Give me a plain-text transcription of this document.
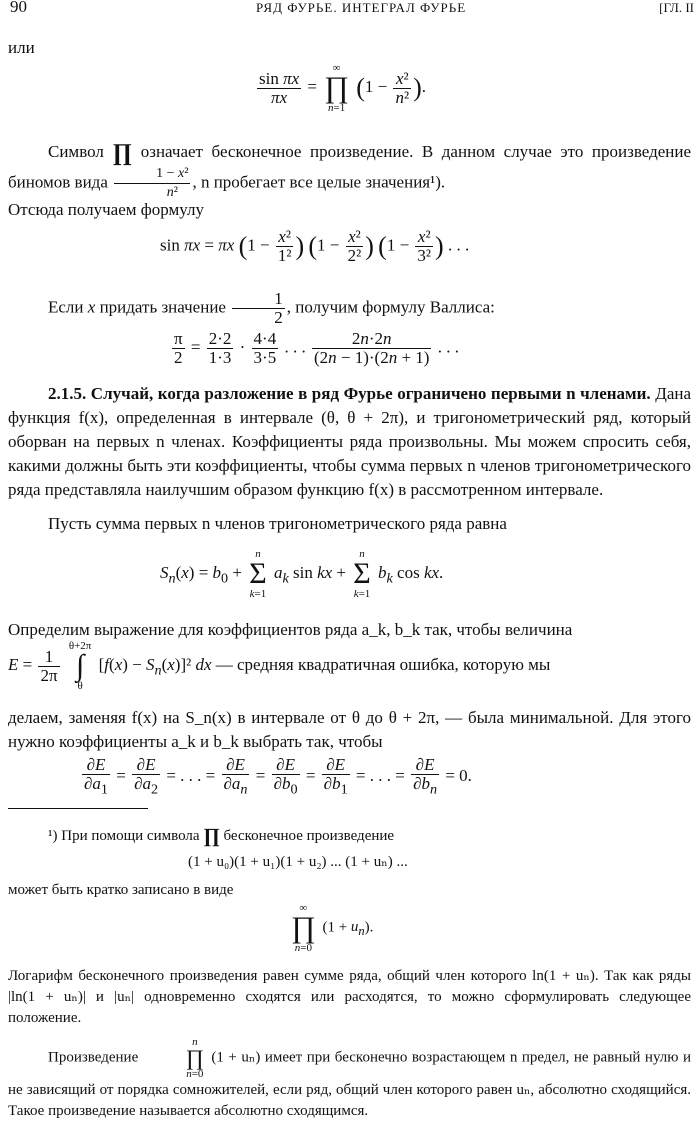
90	РЯД ФУРЬЕ. ИНТЕГРАЛ ФУРЬЕ	[ГЛ. II
или
$\frac{\text{sin πx}}{\pi x}$ =
∞
∏
n=1
($1 - \frac{\text{x²}}{\text{n²}}$ ).
Символ ∏ означает бесконечное произведение. В данном случае это произведение биномов вида $\frac{\text{1 − x²}}{\text{n²}}$ , n пробегает все целые значения¹).
Отсюда получаем формулу
sin πx = πx ($1 - \frac{\text{x²}}{\text{1²}}$ ) ($1 - \frac{\text{x²}}{\text{2²}}$ ) ($1 - \frac{\text{x²}}{\text{3²}}$ ) . . .
Если x придать значение $\frac{1}{2}$ , получим формулу Валлиса:
$\frac{\pi}{2} = \frac{2\cdot 2}{1\cdot 3} \cdot \frac{4\cdot 4}{3\cdot 5}$ . . . $\frac{2n\cdot 2n}{(2n - 1)\cdot(2n + 1)}$ . . .
2.1.5. Случай, когда разложение в ряд Фурье ограничено первыми n членами. Дана функция f(x), определенная в интервале (θ, θ + 2π), и тригонометрический ряд, который оборван на первых n членах. Коэффициенты ряда произвольны. Мы можем спросить себя, какими должны быть эти коэффициенты, чтобы сумма первых n членов тригонометрического ряда представляла наилучшим образом функцию f(x) в рассмотренном интервале.
Пусть сумма первых n членов тригонометрического ряда равна
$S_n(x) = b_0$ +
n
Σ
k=1
$a_k$ sin kx +
n
Σ
k=1
$b_k$ cos kx.
Определим выражение для коэффициентов ряда a_k, b_k так, чтобы величина
$E = \frac{1}{2\pi}$

θ+2π
∫
θ
$[f(x) - S_n(x)]^2$ dx — средняя квадратичная ошибка, которую мы
делаем, заменяя f(x) на S_n(x) в интервале от θ до θ + 2π, — была минимальной. Для этого нужно коэффициенты a_k и b_k выбрать так, чтобы
$\frac{\partial E}{\partial a_1} = \frac{\partial E}{\partial a_2}$ = . . . = $\frac{\partial E}{\partial a_n} = \frac{\partial E}{\partial b_0} = \frac{\partial E}{\partial b_1}$ = . . . = $\frac{\partial E}{\partial b_n} = 0$.
¹) При помощи символа ∏ бесконечное произведение
(1 + u₀)(1 + u₁)(1 + u₂) ... (1 + uₙ) ...
может быть кратко записано в виде
∞
∏
n=0
$(1 + u_n)$.
Логарифм бесконечного произведения равен сумме ряда, общий член которого ln(1 + uₙ). Так как ряды |ln(1 + uₙ)| и |uₙ| одновременно сходятся или расходятся, то можно сформулировать следующее положение.
Произведение
n
∏
n=0
(1 + uₙ) имеет при бесконечно возрастающем n предел, не равный нулю и не зависящий от порядка сомножителей, если ряд, общий член которого равен uₙ, абсолютно сходящийся. Такое произведение называется абсолютно сходящимся.
